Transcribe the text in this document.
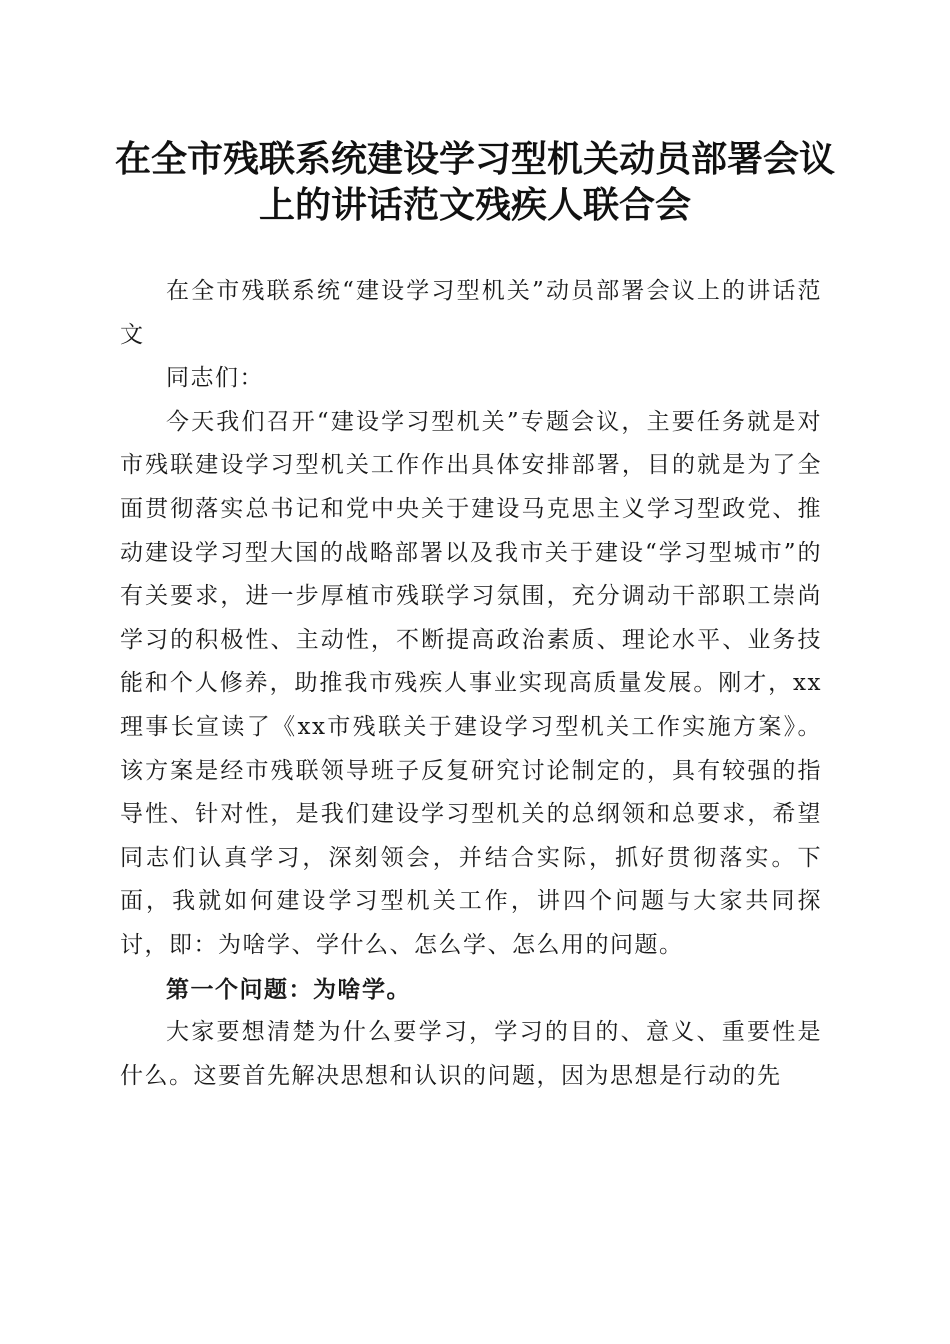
在全市残联系统建设学习型机关动员部署会议
上的讲话范文残疾人联合会

在全市残联系统“建设学习型机关”动员部署会议上的讲话范文

同志们：

今天我们召开“建设学习型机关”专题会议，主要任务就是对市残联建设学习型机关工作作出具体安排部署，目的就是为了全面贯彻落实总书记和党中央关于建设马克思主义学习型政党、推动建设学习型大国的战略部署以及我市关于建设“学习型城市”的有关要求，进一步厚植市残联学习氛围，充分调动干部职工崇尚学习的积极性、主动性，不断提高政治素质、理论水平、业务技能和个人修养，助推我市残疾人事业实现高质量发展。刚才，xx理事长宣读了《xx市残联关于建设学习型机关工作实施方案》。该方案是经市残联领导班子反复研究讨论制定的，具有较强的指导性、针对性，是我们建设学习型机关的总纲领和总要求，希望同志们认真学习，深刻领会，并结合实际，抓好贯彻落实。下面，我就如何建设学习型机关工作，讲四个问题与大家共同探讨，即：为啥学、学什么、怎么学、怎么用的问题。

第一个问题：为啥学。

大家要想清楚为什么要学习，学习的目的、意义、重要性是什么。这要首先解决思想和认识的问题，因为思想是行动的先
